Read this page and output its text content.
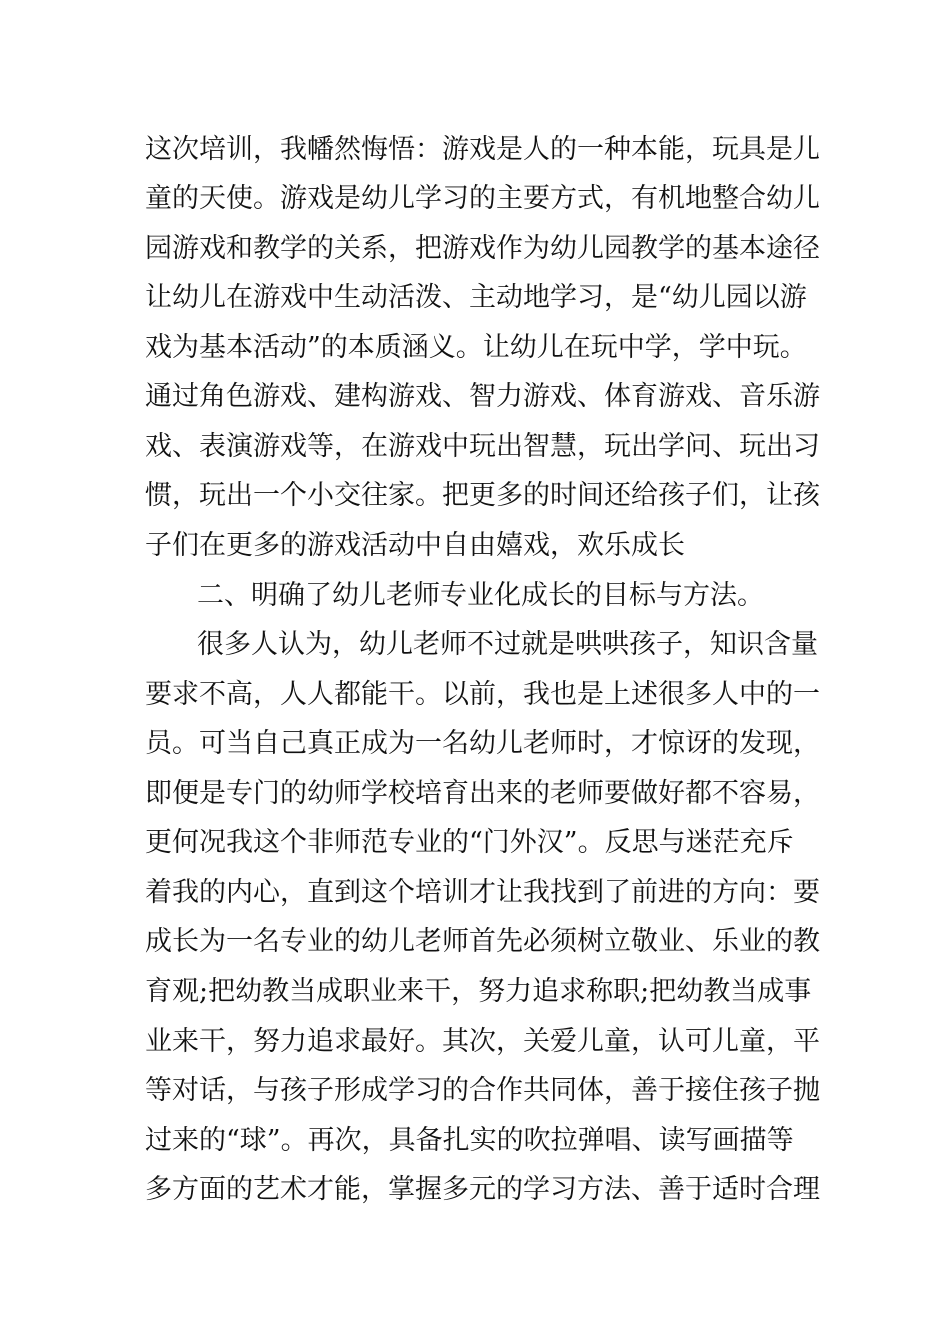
这次培训，我幡然悔悟：游戏是人的一种本能，玩具是儿
童的天使。游戏是幼儿学习的主要方式，有机地整合幼儿
园游戏和教学的关系，把游戏作为幼儿园教学的基本途径
让幼儿在游戏中生动活泼、主动地学习，是“幼儿园以游
戏为基本活动”的本质涵义。让幼儿在玩中学，学中玩。
通过角色游戏、建构游戏、智力游戏、体育游戏、音乐游
戏、表演游戏等，在游戏中玩出智慧，玩出学问、玩出习
惯，玩出一个小交往家。把更多的时间还给孩子们，让孩
子们在更多的游戏活动中自由嬉戏，欢乐成长
二、明确了幼儿老师专业化成长的目标与方法。
很多人认为，幼儿老师不过就是哄哄孩子，知识含量
要求不高，人人都能干。以前，我也是上述很多人中的一
员。可当自己真正成为一名幼儿老师时，才惊讶的发现，
即便是专门的幼师学校培育出来的老师要做好都不容易，
更何况我这个非师范专业的“门外汉”。反思与迷茫充斥
着我的内心，直到这个培训才让我找到了前进的方向：要
成长为一名专业的幼儿老师首先必须树立敬业、乐业的教
育观;把幼教当成职业来干，努力追求称职;把幼教当成事
业来干，努力追求最好。其次，关爱儿童，认可儿童，平
等对话，与孩子形成学习的合作共同体，善于接住孩子抛
过来的“球”。再次，具备扎实的吹拉弹唱、读写画描等
多方面的艺术才能，掌握多元的学习方法、善于适时合理
